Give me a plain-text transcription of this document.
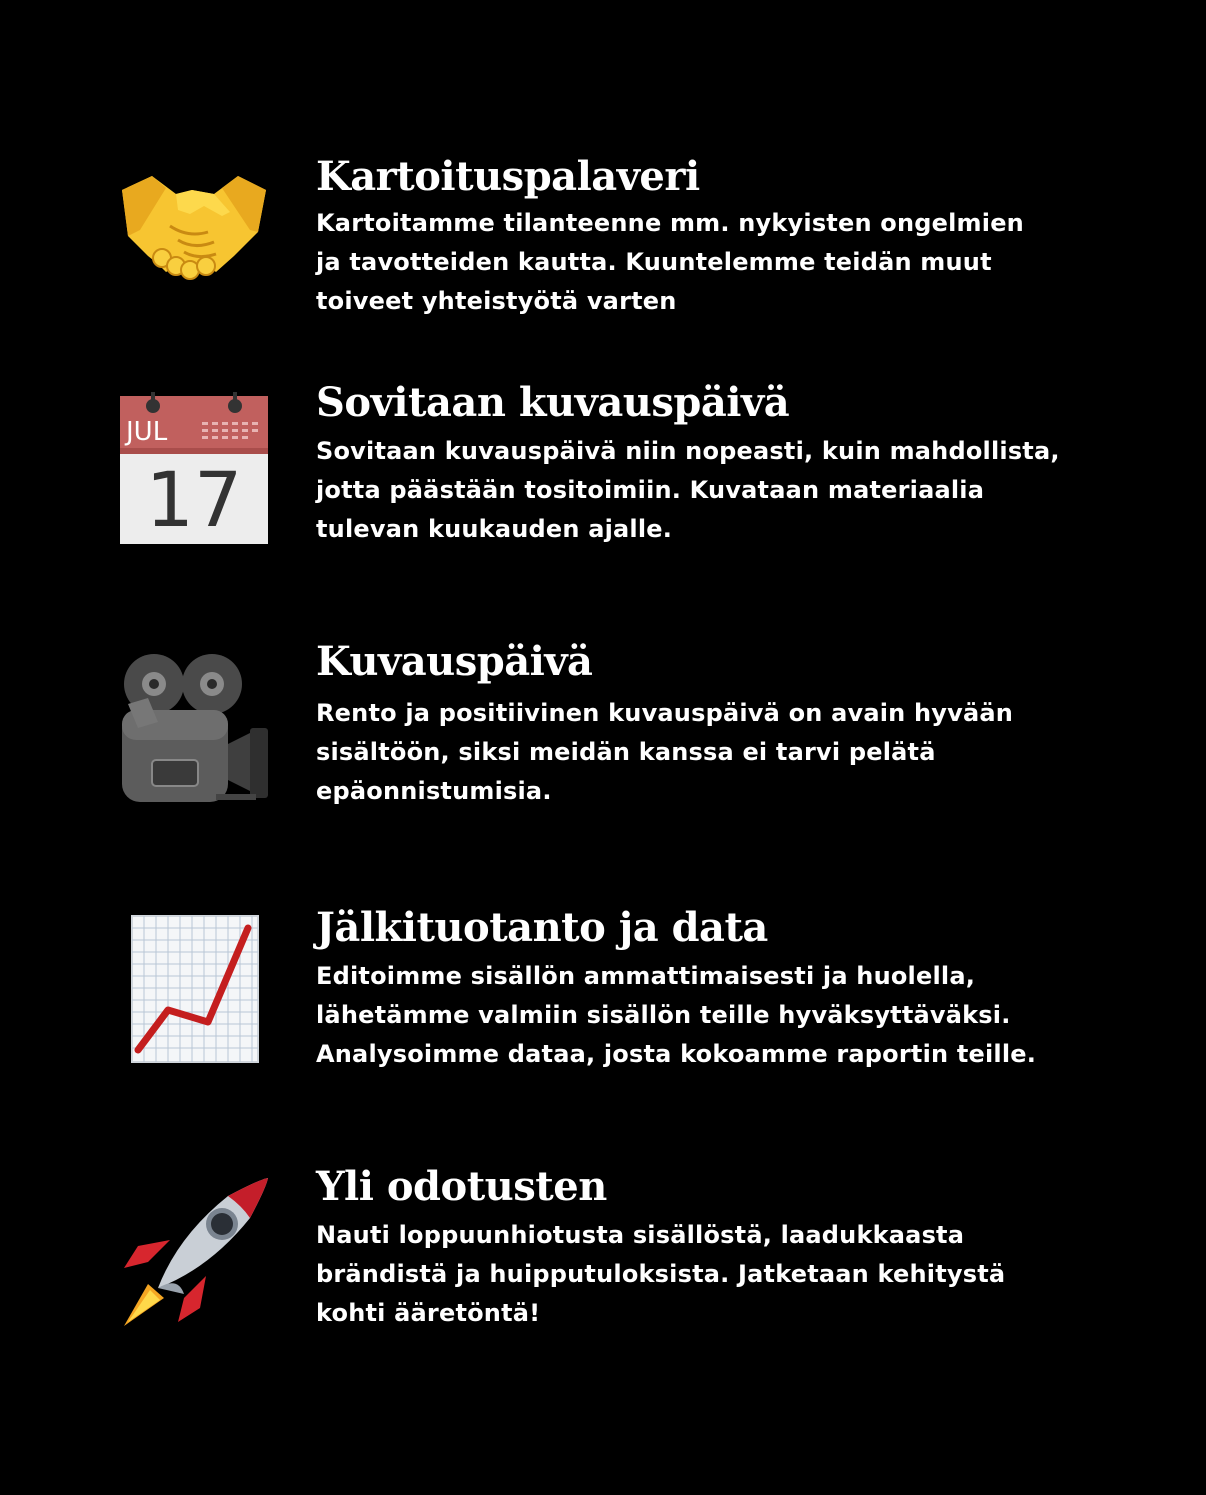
Kartoituspalaveri

Kartoitamme tilanteenne mm. nykyisten ongelmien
ja tavotteiden kautta. Kuuntelemme teidän muut
toiveet yhteistyötä varten

JUL
17
Sovitaan kuvauspäivä

Sovitaan kuvauspäivä niin nopeasti, kuin mahdollista,
jotta päästään tositoimiin. Kuvataan materiaalia
tulevan kuukauden ajalle.

Kuvauspäivä

Rento ja positiivinen kuvauspäivä on avain hyvään
sisältöön, siksi meidän kanssa ei tarvi pelätä
epäonnistumisia.

Jälkituotanto ja data

Editoimme sisällön ammattimaisesti ja huolella,
lähetämme valmiin sisällön teille hyväksyttäväksi.
Analysoimme dataa, josta kokoamme raportin teille.

Yli odotusten

Nauti loppuunhiotusta sisällöstä, laadukkaasta
brändistä ja huipputuloksista. Jatketaan kehitystä
kohti ääretöntä!
